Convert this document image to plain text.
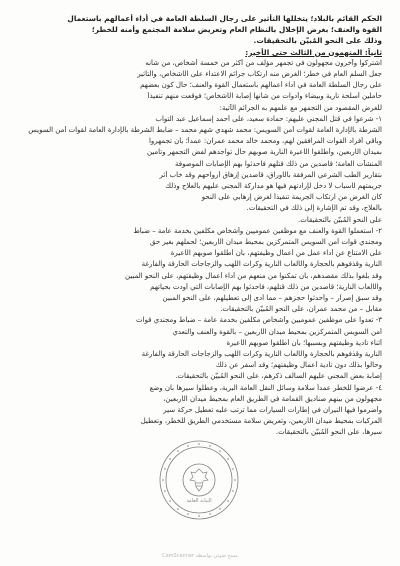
الحكم القائم بالبلاد؛ يتخللها التأثير على رجال السلطة العامة في أداء أعمالهم باستعمال
القوة والعنف؛ بغرض الإخلال بالنظام العام وتعريض سلامة المجتمع وأمنه للخطر؛
وذلك على النحو المُبيّن بالتحقيقات.
ثانياً: المتهمون من الثالث حتى الأخير:
اشتركوا وآخرون مجهولون في تجمهر مؤلف من أكثر من خمسة أشخاص، من شأنه
جعل السلم العام في خطر؛ الغرض منه ارتكاب جرائم الاعتداء على الأشخاص، والتأثير
على رجال السلطة العامة في أداء أعمالهم باستعمال القوة والعنف؛ حال كون بعضهم
حاملين أسلحة نارية وبيضاء وأدوات من شأنها إصابة الأشخاص؛ فوقعت منهم تنفيذاً
للغرض المقصود من التجمهر مع علمهم به الجرائم الآتية:
١- شرعوا في قتل المجني عليهم: حمادة سعيد، على أحمد إسماعيل عبد التواب
الشرطة بالإدارة العامة لقوات أمن السويس: محمد شهدي شهم محمد – ضابط الشرطة بالإدارة العامة لقوات أمن السويس
وباقي أفراد القوات المرافقين لهم، ومحمد خالد محمد عمران: عمداً؛ بأن تجمهروا
بميدان الأربعين، وأطلقوا الأعيرة النارية صوبهم حال تواجدهم لفض التجمهر وتأمين
المنشآت العامة؛ قاصدين من ذلك قتلهم فأحدثوا بهم الإصابات الموصوفة
بتقارير الطب الشرعي المرفقة بالأوراق، قاصدين إزهاق أرواحهم وقد خاب أثر
جريمتهم لأسباب لا دخل لإرادتهم فيها هو مداركة المجني عليهم بالعلاج وذلك
كان الغرض من ارتكاب الجريمة تنفيذاً لغرض إرهابي على النحو
بالعلاج، وقد تم الإشارة إلى ذلك في التحقيقات.
على النحو المُبيّن بالتحقيقات.
٢- استعملوا القوة والعنف مع موظفين عموميين وأشخاص مكلفين بخدمة عامة – ضباط
ومجندي قوات أمن السويس المتمركزين بمحيط ميدان الأربعين؛ لحملهم بغير حق
على الامتناع عن أداء عمل من أعمال وظيفتهم، بأن أطلقوا صوبهم الأعيرة
النارية وقذفوهم بالحجارة والألعاب النارية وكرات اللهب والزجاجات الحارقة والفارغة
وقد بلغوا بذلك مقصدهم، بأن تمكنوا من منعهم من أداء أعمال وظيفتهم، على النحو المبين
والألعاب النارية؛ قاصدين من ذلك قتلهم، فأحدثوا بهم الإصابات التي أودت بحياتهم
وقد سبق إصرار – وأحدثوا حجزهم – مما أدى إلى تعطيلهم، على النحو المبين
مقابل – من محمد عمران، على النحو المُبيّن بالتحقيقات.
٣- تعدوا على موظفين عموميين وأشخاص مكلفين بخدمة عامة – ضباط ومجندي قوات
أمن السويس المتمركزين بمحيط ميدان الأربعين – بالقوة والعنف والتعدي
أثناء تأدية وظيفتهم وبسببها؛ بأن أطلقوا صوبهم الأعيرة
النارية وقذفوهم بالحجارة والألعاب النارية وكرات اللهب والزجاجات الحارقة والفارغة
وحالوا بذلك دون تأدية أعمال وظيفتهم؛ وقد أسفر عن ذلك
إصابة بعض المجني عليهم السالف ذكرهم، على النحو المُبيّن بالتحقيقات.
٤- عرضوا للخطر عمداً سلامة وسائل النقل العامة البرية، وعطلوا سيرها بأن وضع
مجهولون من بينهم صناديق القمامة في الطريق العام بمحيط ميدان الأربعين،
وأضرموا فيها النيران في إطارات السيارات مما ترتب عليه تعطيل حركة سير
المركبات بمحيط ميدان الأربعين، وتعريض سلامة مستخدمي الطريق للخطر، وتعطيل
سيرها، على النحو المُبيّن بالتحقيقات.
النيابة العامة
CamScanner مسح ضوئي بواسطة
